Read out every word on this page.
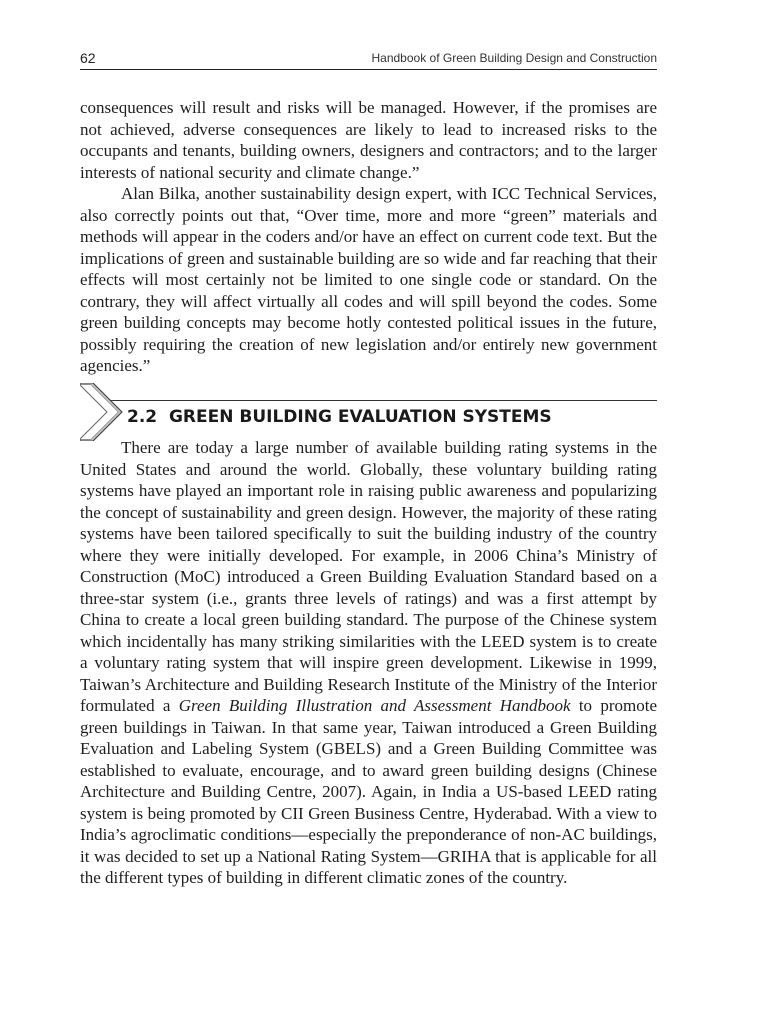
62	Handbook of Green Building Design and Construction

consequences will result and risks will be managed. However, if the promises are not achieved, adverse consequences are likely to lead to increased risks to the occupants and tenants, building owners, designers and contractors; and to the larger interests of national security and climate change.”

Alan Bilka, another sustainability design expert, with ICC Technical Services, also correctly points out that, “Over time, more and more “green” materials and methods will appear in the coders and/or have an effect on current code text. But the implications of green and sustainable building are so wide and far reaching that their effects will most certainly not be limited to one single code or standard. On the contrary, they will affect virtually all codes and will spill beyond the codes. Some green building concepts may become hotly contested political issues in the future, possibly requiring the creation of new legislation and/or entirely new government agencies.”

2.2 GREEN BUILDING EVALUATION SYSTEMS

There are today a large number of available building rating systems in the United States and around the world. Globally, these voluntary building rating systems have played an important role in raising public awareness and popularizing the concept of sustainability and green design. However, the majority of these rating systems have been tailored specifically to suit the building industry of the country where they were initially developed. For example, in 2006 China’s Ministry of Construction (MoC) introduced a Green Building Evaluation Standard based on a three-star system (i.e., grants three levels of ratings) and was a first attempt by China to create a local green building standard. The purpose of the Chinese system which incidentally has many striking similarities with the LEED system is to create a voluntary rating system that will inspire green development. Likewise in 1999, Taiwan’s Architecture and Building Research Institute of the Ministry of the Interior formulated a Green Building Illustration and Assessment Handbook to promote green buildings in Taiwan. In that same year, Taiwan introduced a Green Building Evaluation and Labeling System (GBELS) and a Green Building Committee was established to evaluate, encourage, and to award green building designs (Chinese Architecture and Building Centre, 2007). Again, in India a US-based LEED rating system is being promoted by CII Green Business Centre, Hyderabad. With a view to India’s agroclimatic conditions—especially the preponderance of non-AC buildings, it was decided to set up a National Rating System—GRIHA that is applicable for all the different types of building in different climatic zones of the country.
